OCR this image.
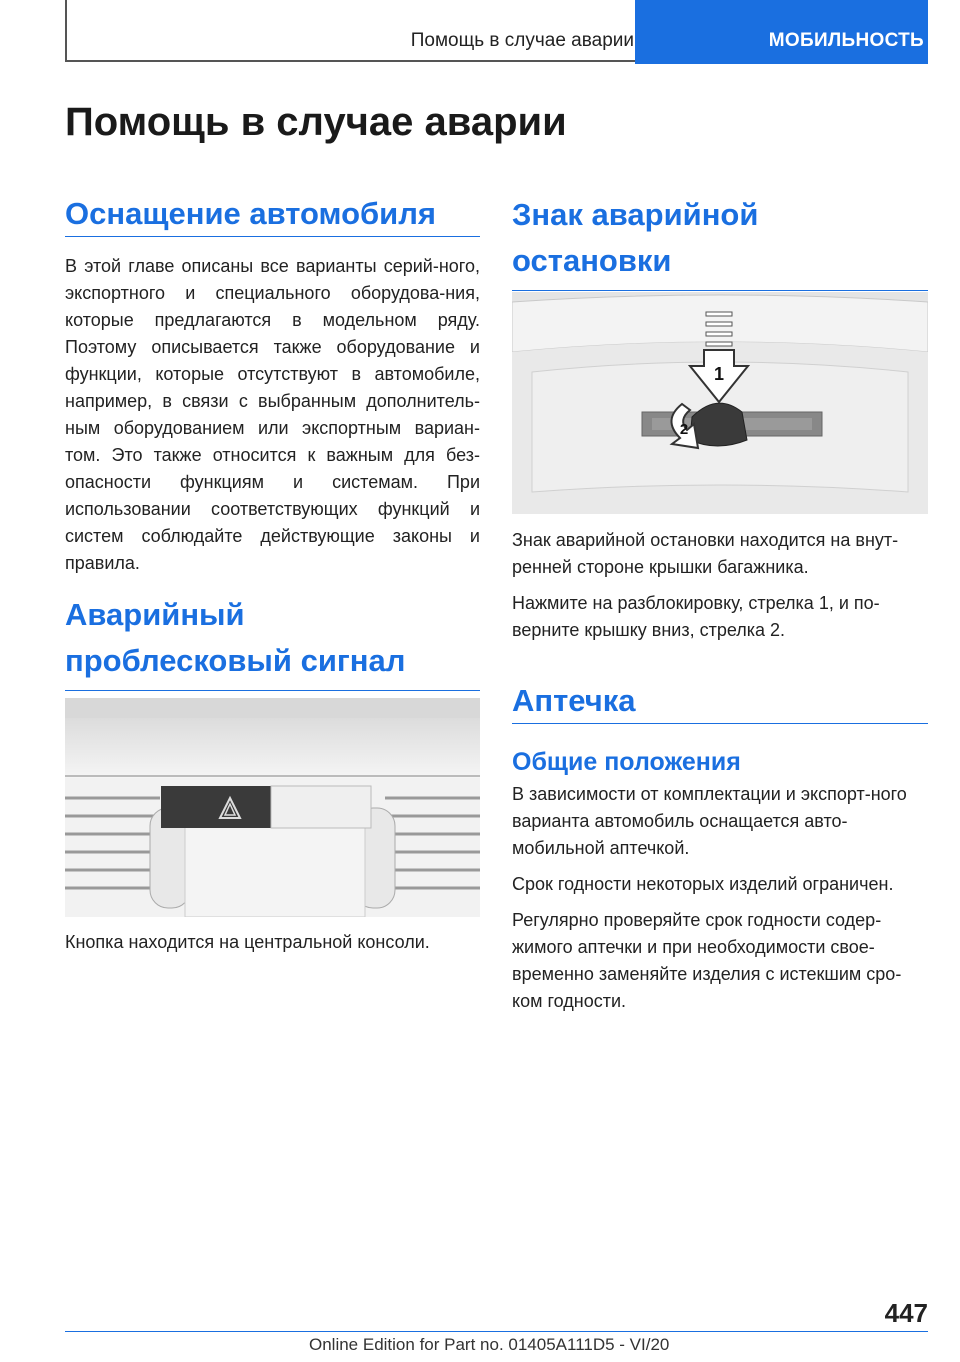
Помощь в случае аварии	МОБИЛЬНОСТЬ
Помощь в случае аварии
Оснащение автомобиля

В этой главе описаны все варианты серий-ного, экспортного и специального оборудова-ния, которые предлагаются в модельном ряду. Поэтому описывается также оборудование и функции, которые отсутствуют в автомобиле, например, в связи с выбранным дополнитель-ным оборудованием или экспортным вариан-том. Это также относится к важным для без-опасности функциям и системам. При использовании соответствующих функций и систем соблюдайте действующие законы и правила.

Аварийный проблесковый сигнал

Кнопка находится на центральной консоли.

Знак аварийной остановки
1
2

Знак аварийной остановки находится на внут-ренней стороне крышки багажника.

Нажмите на разблокировку, стрелка 1, и по-верните крышку вниз, стрелка 2.

Аптечка
Общие положения

В зависимости от комплектации и экспорт-ного варианта автомобиль оснащается авто-мобильной аптечкой.

Срок годности некоторых изделий ограничен.

Регулярно проверяйте срок годности содер-жимого аптечки и при необходимости свое-временно заменяйте изделия с истекшим сро-ком годности.

447
Online Edition for Part no. 01405A111D5 - VI/20
